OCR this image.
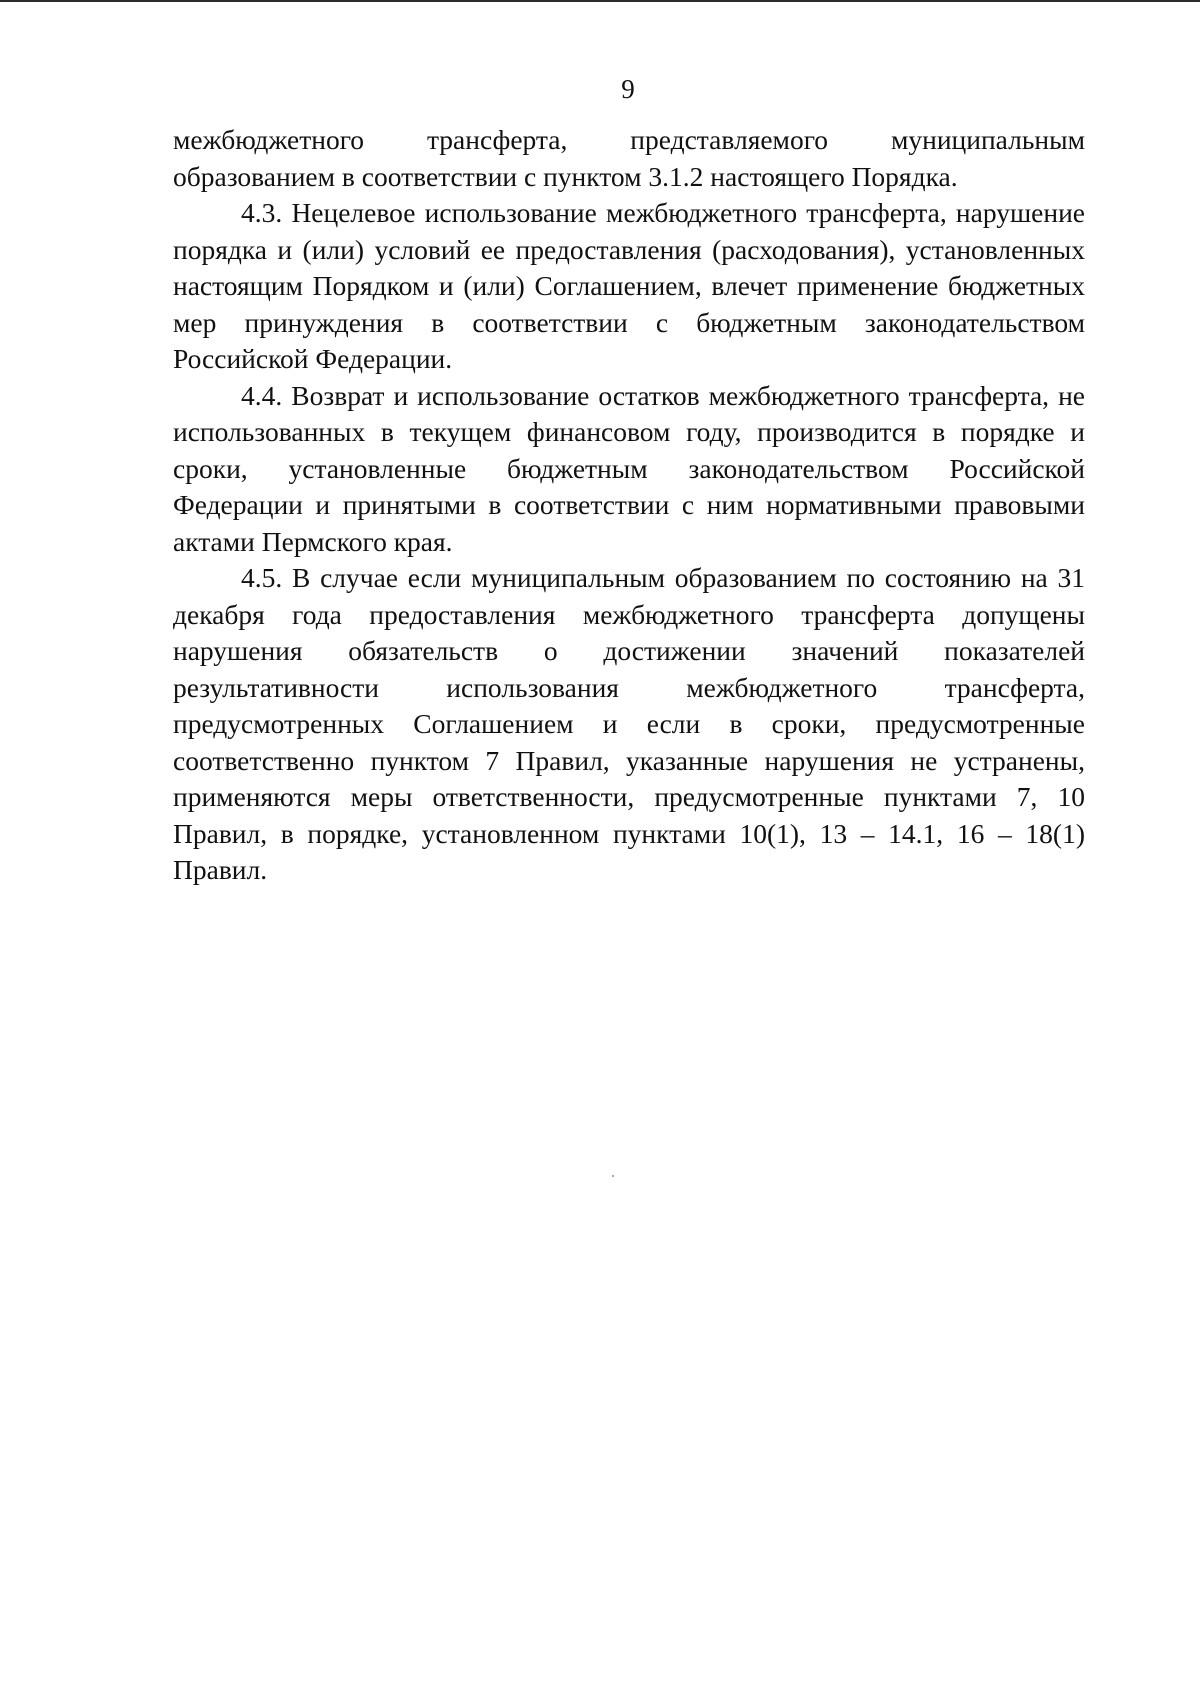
9

межбюджетного трансферта, представляемого муниципальным образованием в соответствии с пунктом 3.1.2 настоящего Порядка.

4.3. Нецелевое использование межбюджетного трансферта, нарушение порядка и (или) условий ее предоставления (расходования), установленных настоящим Порядком и (или) Соглашением, влечет применение бюджетных мер принуждения в соответствии с бюджетным законодательством Российской Федерации.

4.4. Возврат и использование остатков межбюджетного трансферта, не использованных в текущем финансовом году, производится в порядке и сроки, установленные бюджетным законодательством Российской Федерации и принятыми в соответствии с ним нормативными правовыми актами Пермского края.

4.5. В случае если муниципальным образованием по состоянию на 31 декабря года предоставления межбюджетного трансферта допущены нарушения обязательств о достижении значений показателей результативности использования межбюджетного трансферта, предусмотренных Соглашением и если в сроки, предусмотренные соответственно пунктом 7 Правил, указанные нарушения не устранены, применяются меры ответственности, предусмотренные пунктами 7, 10 Правил, в порядке, установленном пунктами 10(1), 13 – 14.1, 16 – 18(1) Правил.
